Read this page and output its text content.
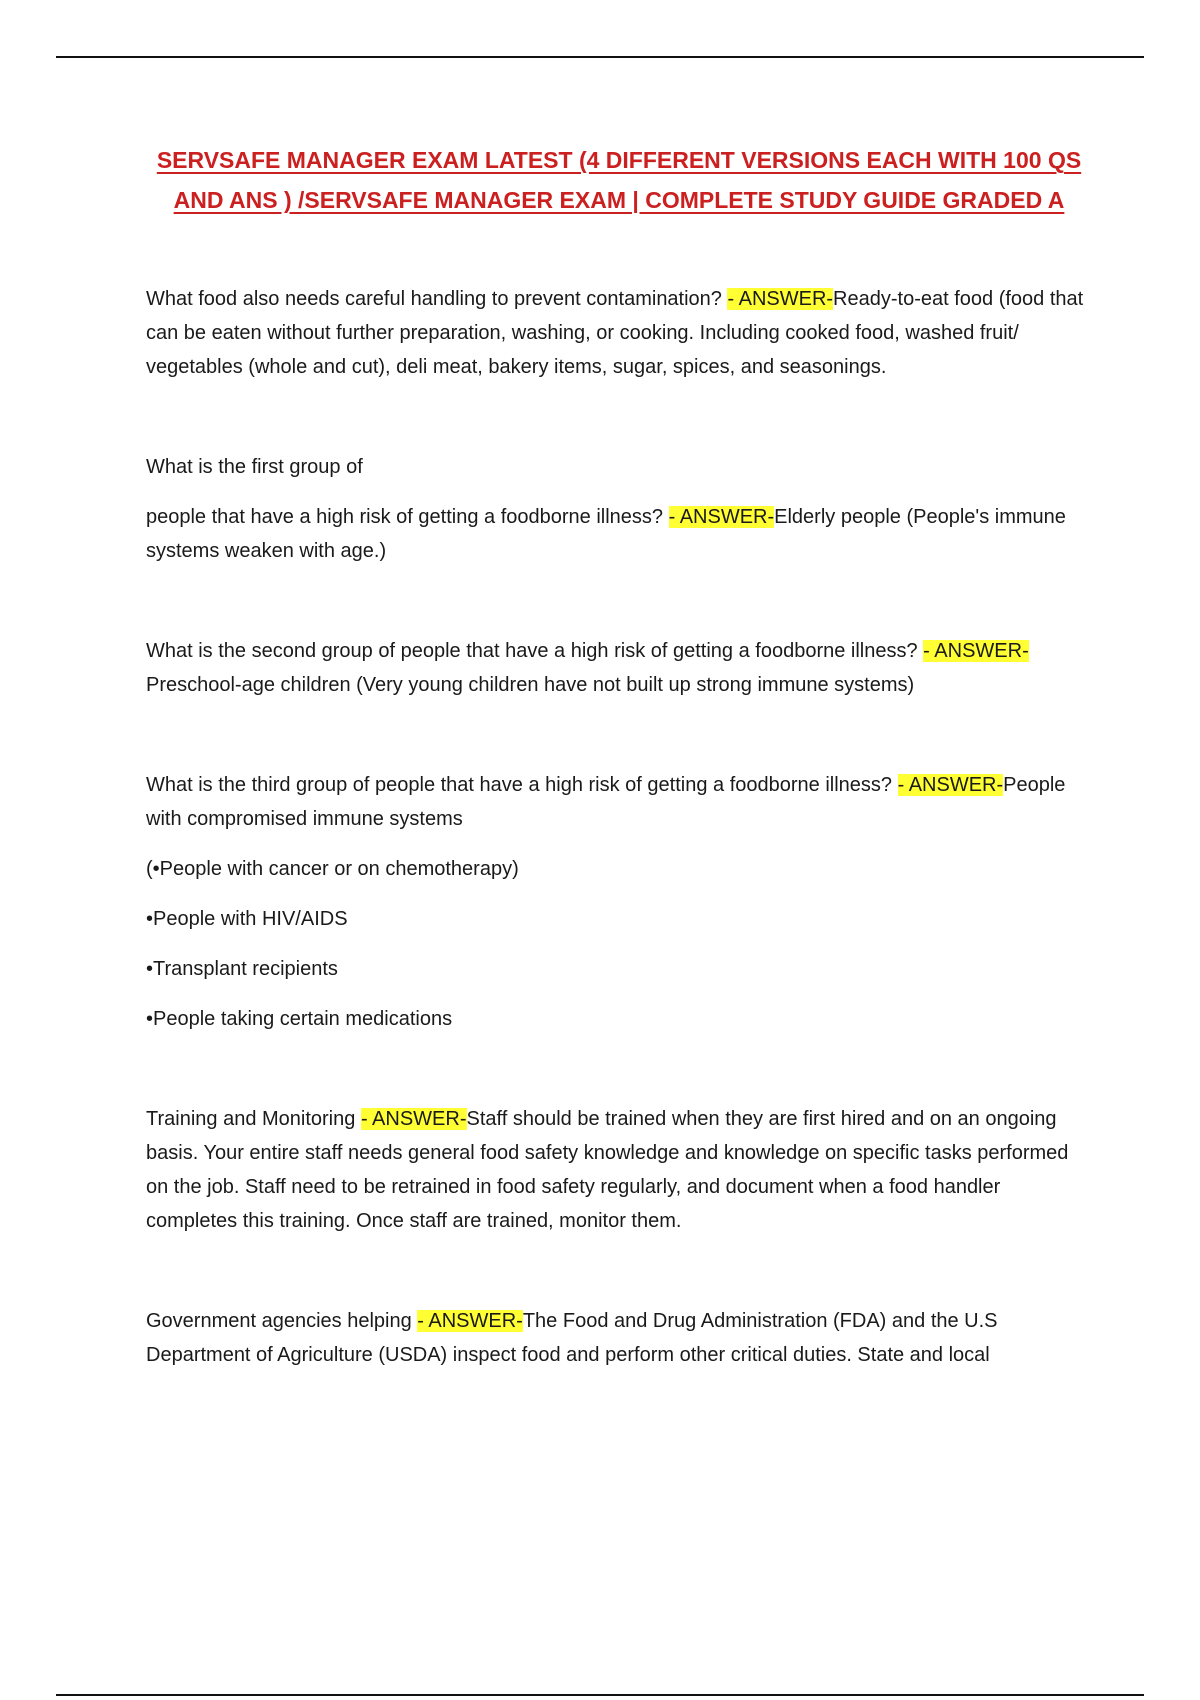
SERVSAFE MANAGER EXAM LATEST (4 DIFFERENT VERSIONS EACH WITH 100 QS
AND ANS ) /SERVSAFE MANAGER EXAM | COMPLETE STUDY GUIDE GRADED A

What food also needs careful handling to prevent contamination? - ANSWER-Ready-to-eat food (food that can be eaten without further preparation, washing, or cooking. Including cooked food, washed fruit/ vegetables (whole and cut), deli meat, bakery items, sugar, spices, and seasonings.

What is the first group of

people that have a high risk of getting a foodborne illness? - ANSWER-Elderly people (People's immune systems weaken with age.)

What is the second group of people that have a high risk of getting a foodborne illness? - ANSWER-Preschool-age children (Very young children have not built up strong immune systems)

What is the third group of people that have a high risk of getting a foodborne illness? - ANSWER-People with compromised immune systems

(•People with cancer or on chemotherapy)

•People with HIV/AIDS

•Transplant recipients

•People taking certain medications

Training and Monitoring - ANSWER-Staff should be trained when they are first hired and on an ongoing basis. Your entire staff needs general food safety knowledge and knowledge on specific tasks performed on the job. Staff need to be retrained in food safety regularly, and document when a food handler completes this training. Once staff are trained, monitor them.

Government agencies helping - ANSWER-The Food and Drug Administration (FDA) and the U.S Department of Agriculture (USDA) inspect food and perform other critical duties. State and local
